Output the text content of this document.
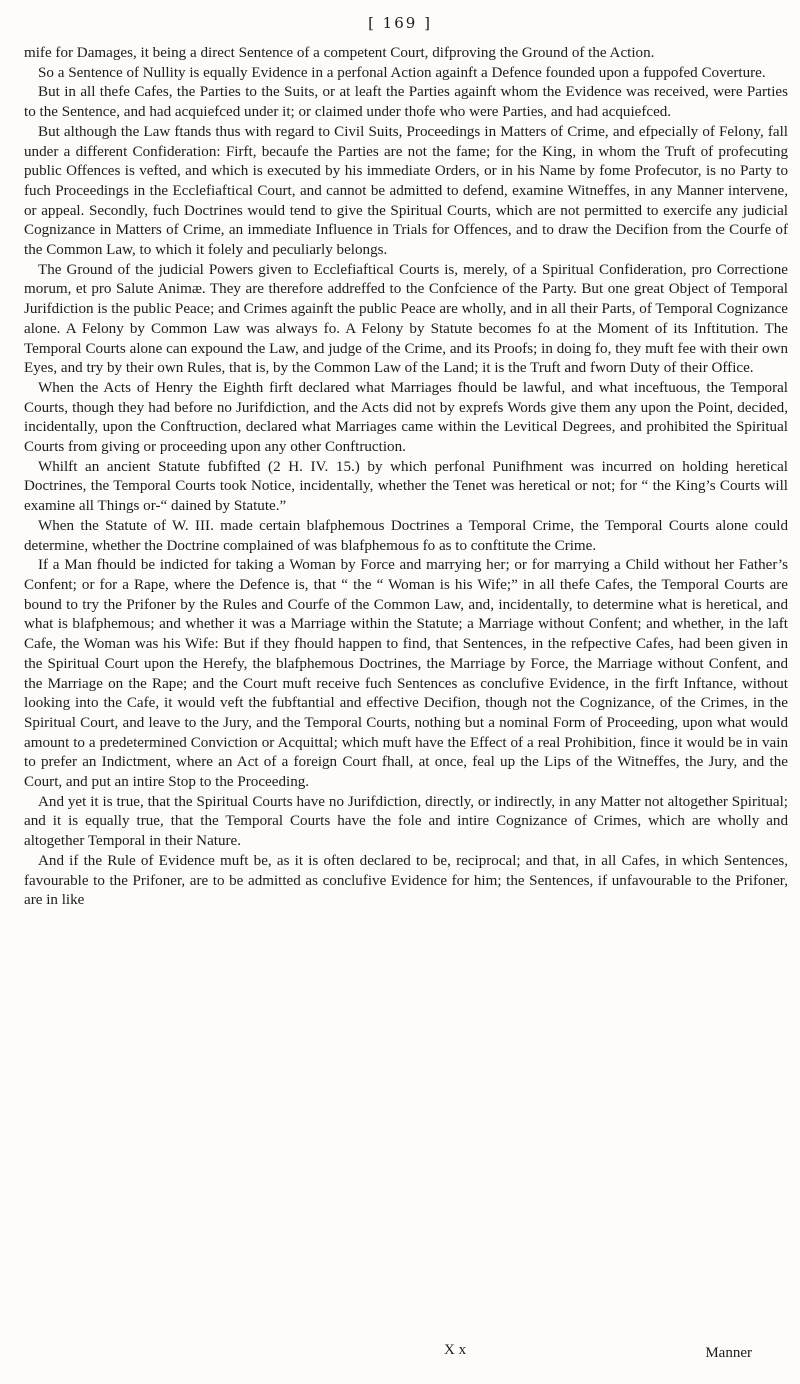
[ 169 ]

mife for Damages, it being a direct Sentence of a competent Court, difproving the Ground of the Action.

So a Sentence of Nullity is equally Evidence in a perfonal Action againft a Defence founded upon a fuppofed Coverture.

But in all thefe Cafes, the Parties to the Suits, or at leaft the Parties againft whom the Evidence was received, were Parties to the Sentence, and had acquiefced under it; or claimed under thofe who were Parties, and had acquiefced.

But although the Law ftands thus with regard to Civil Suits, Proceedings in Matters of Crime, and efpecially of Felony, fall under a different Confideration: Firft, becaufe the Parties are not the fame; for the King, in whom the Truft of profecuting public Offences is vefted, and which is executed by his immediate Orders, or in his Name by fome Profecutor, is no Party to fuch Proceedings in the Ecclefiaftical Court, and cannot be admitted to defend, examine Witneffes, in any Manner intervene, or appeal. Secondly, fuch Doctrines would tend to give the Spiritual Courts, which are not permitted to exercife any judicial Cognizance in Matters of Crime, an immediate Influence in Trials for Offences, and to draw the Decifion from the Courfe of the Common Law, to which it folely and peculiarly belongs.

The Ground of the judicial Powers given to Ecclefiaftical Courts is, merely, of a Spiritual Confideration, pro Correctione morum, et pro Salute Animæ. They are therefore addreffed to the Confcience of the Party. But one great Object of Temporal Jurifdiction is the public Peace; and Crimes againft the public Peace are wholly, and in all their Parts, of Temporal Cognizance alone. A Felony by Common Law was always fo. A Felony by Statute becomes fo at the Moment of its Inftitution. The Temporal Courts alone can expound the Law, and judge of the Crime, and its Proofs; in doing fo, they muft fee with their own Eyes, and try by their own Rules, that is, by the Common Law of the Land; it is the Truft and fworn Duty of their Office.

When the Acts of Henry the Eighth firft declared what Marriages fhould be lawful, and what inceftuous, the Temporal Courts, though they had before no Jurifdiction, and the Acts did not by exprefs Words give them any upon the Point, decided, incidentally, upon the Conftruction, declared what Marriages came within the Levitical Degrees, and prohibited the Spiritual Courts from giving or proceeding upon any other Conftruction.

Whilft an ancient Statute fubfifted (2 H. IV. 15.) by which perfonal Punifhment was incurred on holding heretical Doctrines, the Temporal Courts took Notice, incidentally, whether the Tenet was heretical or not; for “ the King’s Courts will examine all Things or-“ dained by Statute.”

When the Statute of W. III. made certain blafphemous Doctrines a Temporal Crime, the Temporal Courts alone could determine, whether the Doctrine complained of was blafphemous fo as to conftitute the Crime.

If a Man fhould be indicted for taking a Woman by Force and marrying her; or for marrying a Child without her Father’s Confent; or for a Rape, where the Defence is, that “ the “ Woman is his Wife;” in all thefe Cafes, the Temporal Courts are bound to try the Prifoner by the Rules and Courfe of the Common Law, and, incidentally, to determine what is heretical, and what is blafphemous; and whether it was a Marriage within the Statute; a Marriage without Confent; and whether, in the laft Cafe, the Woman was his Wife: But if they fhould happen to find, that Sentences, in the refpective Cafes, had been given in the Spiritual Court upon the Herefy, the blafphemous Doctrines, the Marriage by Force, the Marriage without Confent, and the Marriage on the Rape; and the Court muft receive fuch Sentences as conclufive Evidence, in the firft Inftance, without looking into the Cafe, it would veft the fubftantial and effective Decifion, though not the Cognizance, of the Crimes, in the Spiritual Court, and leave to the Jury, and the Temporal Courts, nothing but a nominal Form of Proceeding, upon what would amount to a predetermined Conviction or Acquittal; which muft have the Effect of a real Prohibition, fince it would be in vain to prefer an Indictment, where an Act of a foreign Court fhall, at once, feal up the Lips of the Witneffes, the Jury, and the Court, and put an intire Stop to the Proceeding.

And yet it is true, that the Spiritual Courts have no Jurifdiction, directly, or indirectly, in any Matter not altogether Spiritual; and it is equally true, that the Temporal Courts have the fole and intire Cognizance of Crimes, which are wholly and altogether Temporal in their Nature.

And if the Rule of Evidence muft be, as it is often declared to be, reciprocal; and that, in all Cafes, in which Sentences, favourable to the Prifoner, are to be admitted as conclufive Evidence for him; the Sentences, if unfavourable to the Prifoner, are in like

X x	Manner
